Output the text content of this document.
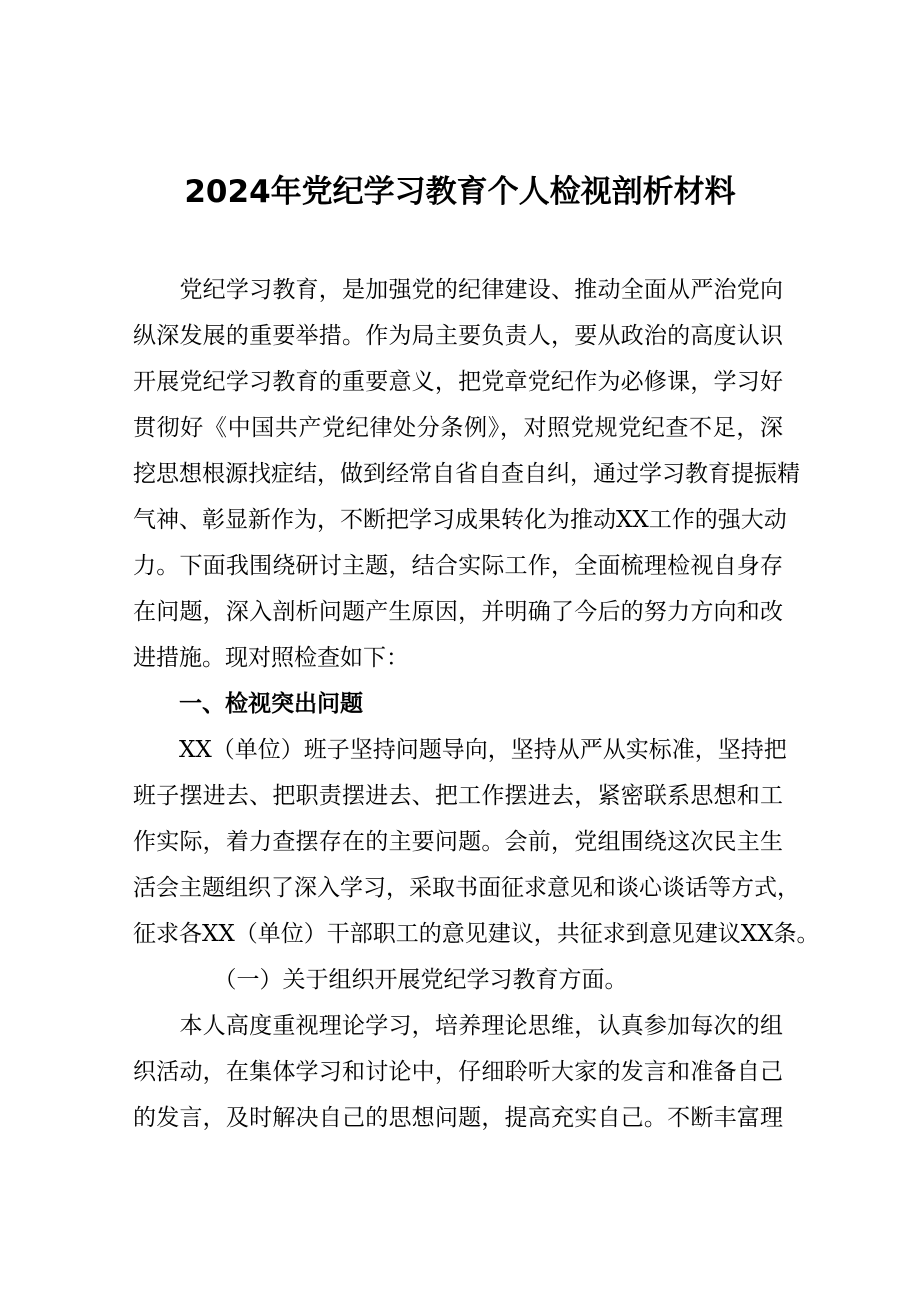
2024年党纪学习教育个人检视剖析材料
　　党纪学习教育，是加强党的纪律建设、推动全面从严治党向
纵深发展的重要举措。作为局主要负责人，要从政治的高度认识
开展党纪学习教育的重要意义，把党章党纪作为必修课，学习好
贯彻好《中国共产党纪律处分条例》，对照党规党纪查不足，深
挖思想根源找症结，做到经常自省自查自纠，通过学习教育提振精
气神、彰显新作为，不断把学习成果转化为推动XX工作的强大动
力。下面我围绕研讨主题，结合实际工作，全面梳理检视自身存
在问题，深入剖析问题产生原因，并明确了今后的努力方向和改
进措施。现对照检查如下：
　　一、检视突出问题
　　XX（单位）班子坚持问题导向，坚持从严从实标准，坚持把
班子摆进去、把职责摆进去、把工作摆进去，紧密联系思想和工
作实际，着力查摆存在的主要问题。会前，党组围绕这次民主生
活会主题组织了深入学习，采取书面征求意见和谈心谈话等方式，
征求各XX（单位）干部职工的意见建议，共征求到意见建议XX条。
　　　　（一）关于组织开展党纪学习教育方面。
　　本人高度重视理论学习，培养理论思维，认真参加每次的组
织活动，在集体学习和讨论中，仔细聆听大家的发言和准备自己
的发言，及时解决自己的思想问题，提高充实自己。不断丰富理
